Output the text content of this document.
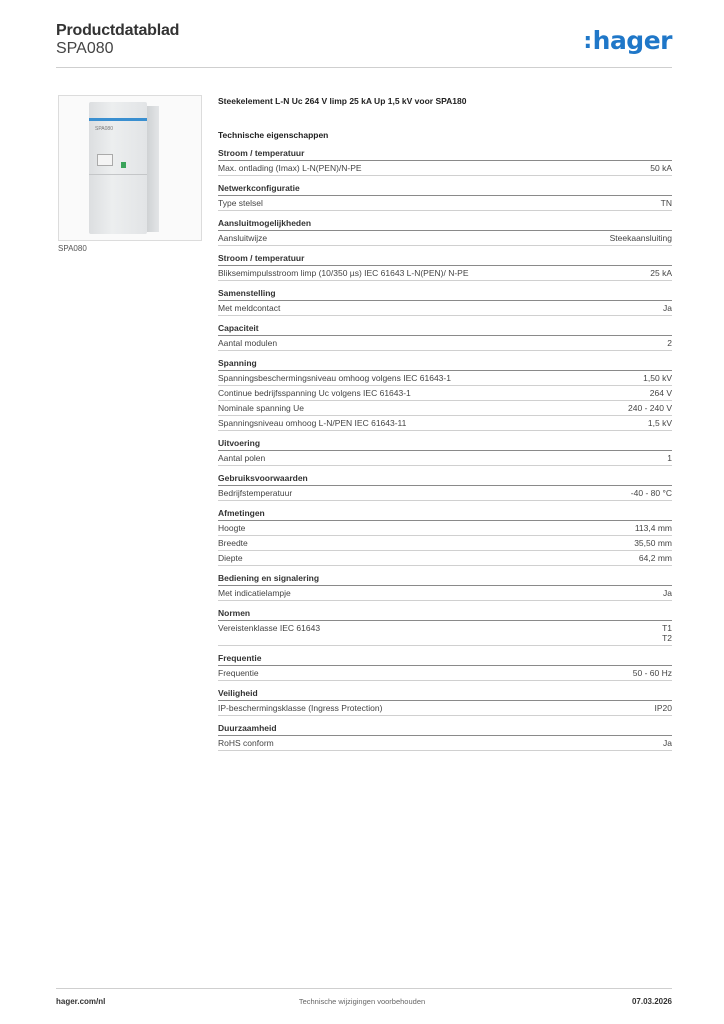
Productdatablad
SPA080	:hager
SPA080
SPA080
Steekelement L-N Uc 264 V limp 25 kA Up 1,5 kV voor SPA180
Technische eigenschappen
Stroom / temperatuur
Max. ontlading (Imax) L-N(PEN)/N-PE	50 kA
Netwerkconfiguratie
Type stelsel	TN
Aansluitmogelijkheden
Aansluitwijze	Steekaansluiting
Stroom / temperatuur
Bliksemimpulsstroom limp (10/350 µs) IEC 61643 L-N(PEN)/ N-PE	25 kA
Samenstelling
Met meldcontact	Ja
Capaciteit
Aantal modulen	2
Spanning
Spanningsbeschermingsniveau omhoog volgens IEC 61643-1	1,50 kV
Continue bedrijfsspanning Uc volgens IEC 61643-1	264 V
Nominale spanning Ue	240 - 240 V
Spanningsniveau omhoog L-N/PEN IEC 61643-11	1,5 kV
Uitvoering
Aantal polen	1
Gebruiksvoorwaarden
Bedrijfstemperatuur	-40 - 80 °C
Afmetingen
Hoogte	113,4 mm
Breedte	35,50 mm
Diepte	64,2 mm
Bediening en signalering
Met indicatielampje	Ja
Normen
Vereistenklasse IEC 61643	T1
T2
Frequentie
Frequentie	50 - 60 Hz
Veiligheid
IP-beschermingsklasse (Ingress Protection)	IP20
Duurzaamheid
RoHS conform	Ja
hager.com/nl	Technische wijzigingen voorbehouden	07.03.2026
